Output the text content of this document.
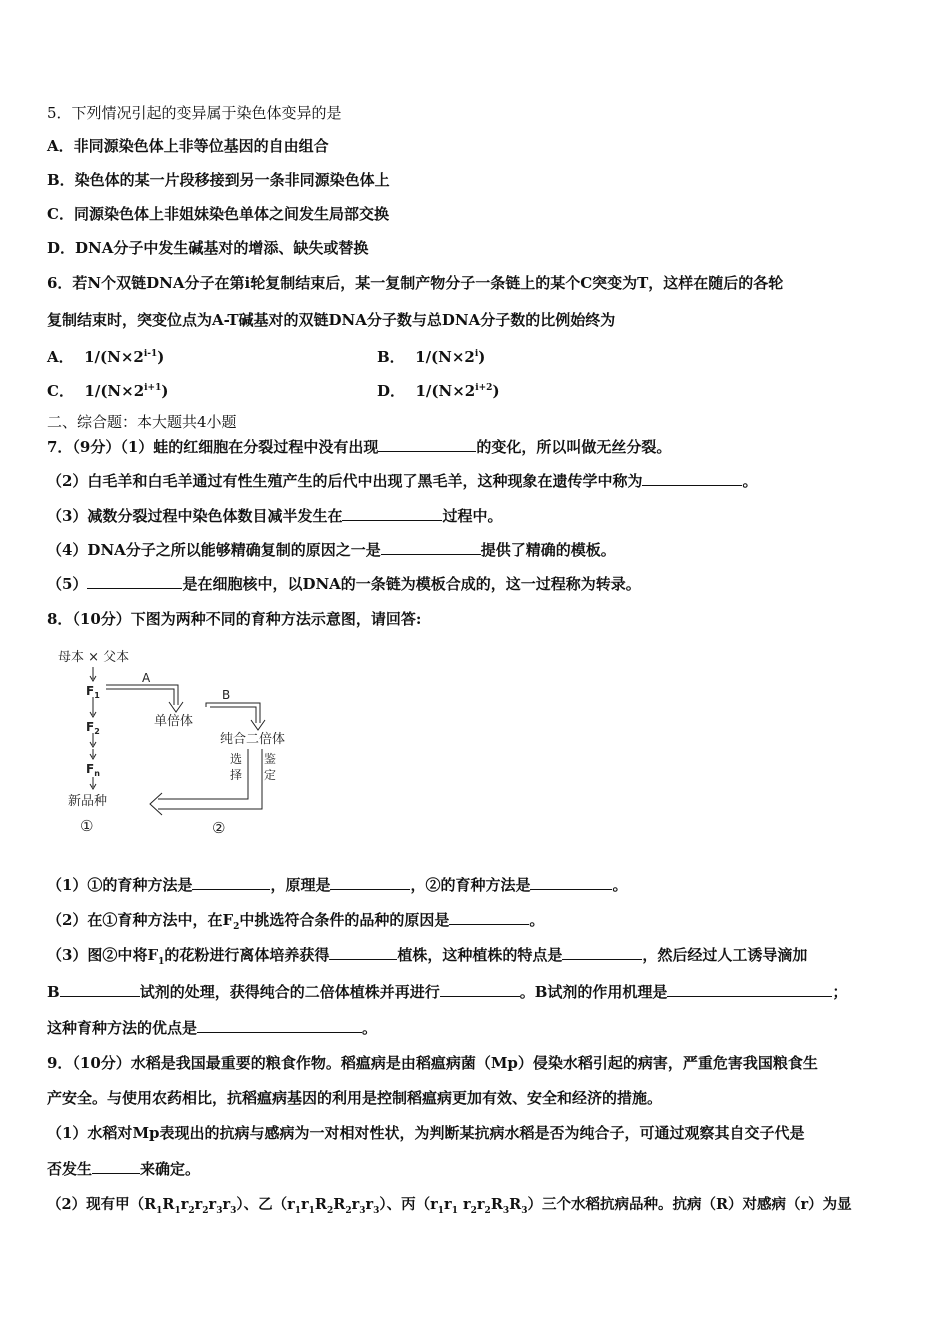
5．下列情况引起的变异属于染色体变异的是
A．非同源染色体上非等位基因的自由组合
B．染色体的某一片段移接到另一条非同源染色体上
C．同源染色体上非姐妹染色单体之间发生局部交换
D．DNA分子中发生碱基对的增添、缺失或替换
6．若N个双链DNA分子在第i轮复制结束后，某一复制产物分子一条链上的某个C突变为T，这样在随后的各轮
复制结束时，突变位点为A-T碱基对的双链DNA分子数与总DNA分子数的比例始终为
A． $1/(N\times 2^{i-1})$	B． $1/(N\times 2^i)$
C． $1/(N\times 2^{i+1})$	D． $1/(N\times 2^{i+2})$
二、综合题：本大题共4小题
7．（9分）（1）蛙的红细胞在分裂过程中没有出现	的变化，所以叫做无丝分裂。
（2）白毛羊和白毛羊通过有性生殖产生的后代中出现了黑毛羊，这种现象在遗传学中称为	。
（3）减数分裂过程中染色体数目减半发生在	过程中。
（4）DNA分子之所以能够精确复制的原因之一是	提供了精确的模板。
（5）	是在细胞核中，以DNA的一条链为模板合成的，这一过程称为转录。
8．（10分）下图为两种不同的育种方法示意图，请回答:
母本 × 父本
$F_1$
$F_2$
$F_n$
新品种
①
A
单倍体
B
纯合二倍体
选择
鉴定
②
（1）①的育种方法是	，原理是	，②的育种方法是	。
（2）在①育种方法中，在$F_2$中挑选符合条件的品种的原因是	。
（3）图②中将$F_1$的花粉进行离体培养获得	植株，这种植株的特点是	，然后经过人工诱导滴加
B	试剂的处理，获得纯合的二倍体植株并再进行	。B试剂的作用机理是	；
这种育种方法的优点是	。
9．（10分）水稻是我国最重要的粮食作物。稻瘟病是由稻瘟病菌（Mp）侵染水稻引起的病害，严重危害我国粮食生
产安全。与使用农药相比，抗稻瘟病基因的利用是控制稻瘟病更加有效、安全和经济的措施。
（1）水稻对Mp表现出的抗病与感病为一对相对性状，为判断某抗病水稻是否为纯合子，可通过观察其自交子代是
否发生	来确定。
（2）现有甲$(R_1R_1r_2r_2r_3r_3)$、乙$(r_1r_1R_2R_2r_3r_3)$、丙（$r_1r_1$ $r_2r_2R_3R_3$）三个水稻抗病品种。抗病（R）对感病（r）为显
